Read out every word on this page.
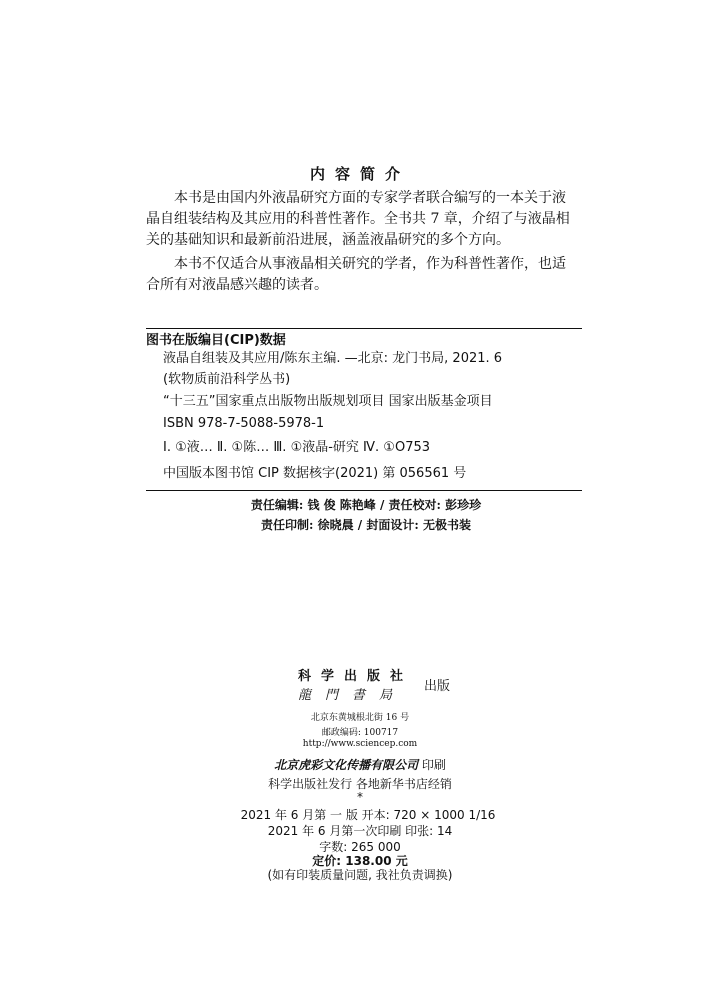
内容简介
本书是由国内外液晶研究方面的专家学者联合编写的一本关于液
晶自组装结构及其应用的科普性著作。全书共 7 章，介绍了与液晶相
关的基础知识和最新前沿进展，涵盖液晶研究的多个方向。
本书不仅适合从事液晶相关研究的学者，作为科普性著作，也适
合所有对液晶感兴趣的读者。
图书在版编目(CIP)数据
液晶自组装及其应用/陈东主编. —北京: 龙门书局, 2021. 6
(软物质前沿科学丛书)
“十三五”国家重点出版物出版规划项目 国家出版基金项目
ISBN 978-7-5088-5978-1
Ⅰ. ①液… Ⅱ. ①陈… Ⅲ. ①液晶-研究 Ⅳ. ①O753
中国版本图书馆 CIP 数据核字(2021) 第 056561 号
责任编辑: 钱 俊 陈艳峰 / 责任校对: 彭珍珍
责任印制: 徐晓晨 / 封面设计: 无极书装
科学出版社
龍門書局
出版
北京东黄城根北街 16 号
邮政编码: 100717
http://www.sciencep.com
北京虎彩文化传播有限公司 印刷
科学出版社发行 各地新华书店经销
*
2021 年 6 月第 一 版 开本: 720 × 1000 1/16
2021 年 6 月第一次印刷 印张: 14
字数: 265 000
定价: 138.00 元
(如有印装质量问题, 我社负责调换)
